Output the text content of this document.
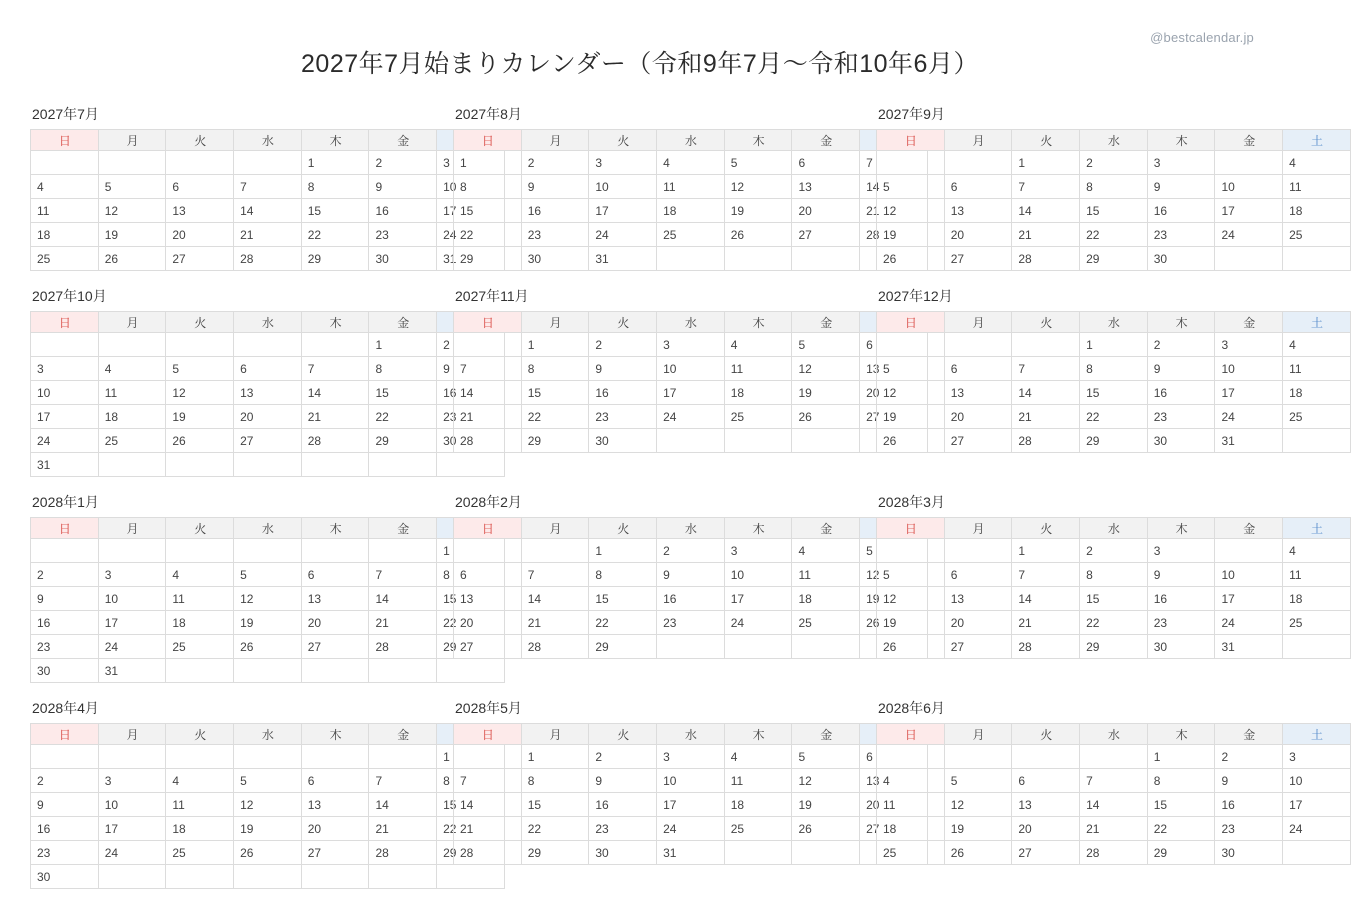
@bestcalendar.jp
2027年7月始まりカレンダー（令和9年7月〜令和10年6月）
2027年7月
日	月	火	水	木	金	
				1	2	3
4	5	6	7	8	9	10
11	12	13	14	15	16	17
18	19	20	21	22	23	24
25	26	27	28	29	30	31
2027年8月
日	月	火	水	木	金	
1	2	3	4	5	6	7
8	9	10	11	12	13	14
15	16	17	18	19	20	21
22	23	24	25	26	27	28
29	30	31				
2027年9月
日	月	火	水	木	金	土
		1	2	3		4
5	6	7	8	9	10	11
12	13	14	15	16	17	18
19	20	21	22	23	24	25
26	27	28	29	30		
2027年10月
日	月	火	水	木	金	
					1	2
3	4	5	6	7	8	9
10	11	12	13	14	15	16
17	18	19	20	21	22	23
24	25	26	27	28	29	30
31						
2027年11月
日	月	火	水	木	金	
	1	2	3	4	5	6
7	8	9	10	11	12	13
14	15	16	17	18	19	20
21	22	23	24	25	26	27
28	29	30				
2027年12月
日	月	火	水	木	金	土
			1	2	3	4
5	6	7	8	9	10	11
12	13	14	15	16	17	18
19	20	21	22	23	24	25
26	27	28	29	30	31	
2028年1月
日	月	火	水	木	金	
						1
2	3	4	5	6	7	8
9	10	11	12	13	14	15
16	17	18	19	20	21	22
23	24	25	26	27	28	29
30	31					
2028年2月
日	月	火	水	木	金	
		1	2	3	4	5
6	7	8	9	10	11	12
13	14	15	16	17	18	19
20	21	22	23	24	25	26
27	28	29				
2028年3月
日	月	火	水	木	金	土
		1	2	3		4
5	6	7	8	9	10	11
12	13	14	15	16	17	18
19	20	21	22	23	24	25
26	27	28	29	30	31	
2028年4月
日	月	火	水	木	金	
						1
2	3	4	5	6	7	8
9	10	11	12	13	14	15
16	17	18	19	20	21	22
23	24	25	26	27	28	29
30						
2028年5月
日	月	火	水	木	金	
	1	2	3	4	5	6
7	8	9	10	11	12	13
14	15	16	17	18	19	20
21	22	23	24	25	26	27
28	29	30	31			
2028年6月
日	月	火	水	木	金	土
				1	2	3
4	5	6	7	8	9	10
11	12	13	14	15	16	17
18	19	20	21	22	23	24
25	26	27	28	29	30	
